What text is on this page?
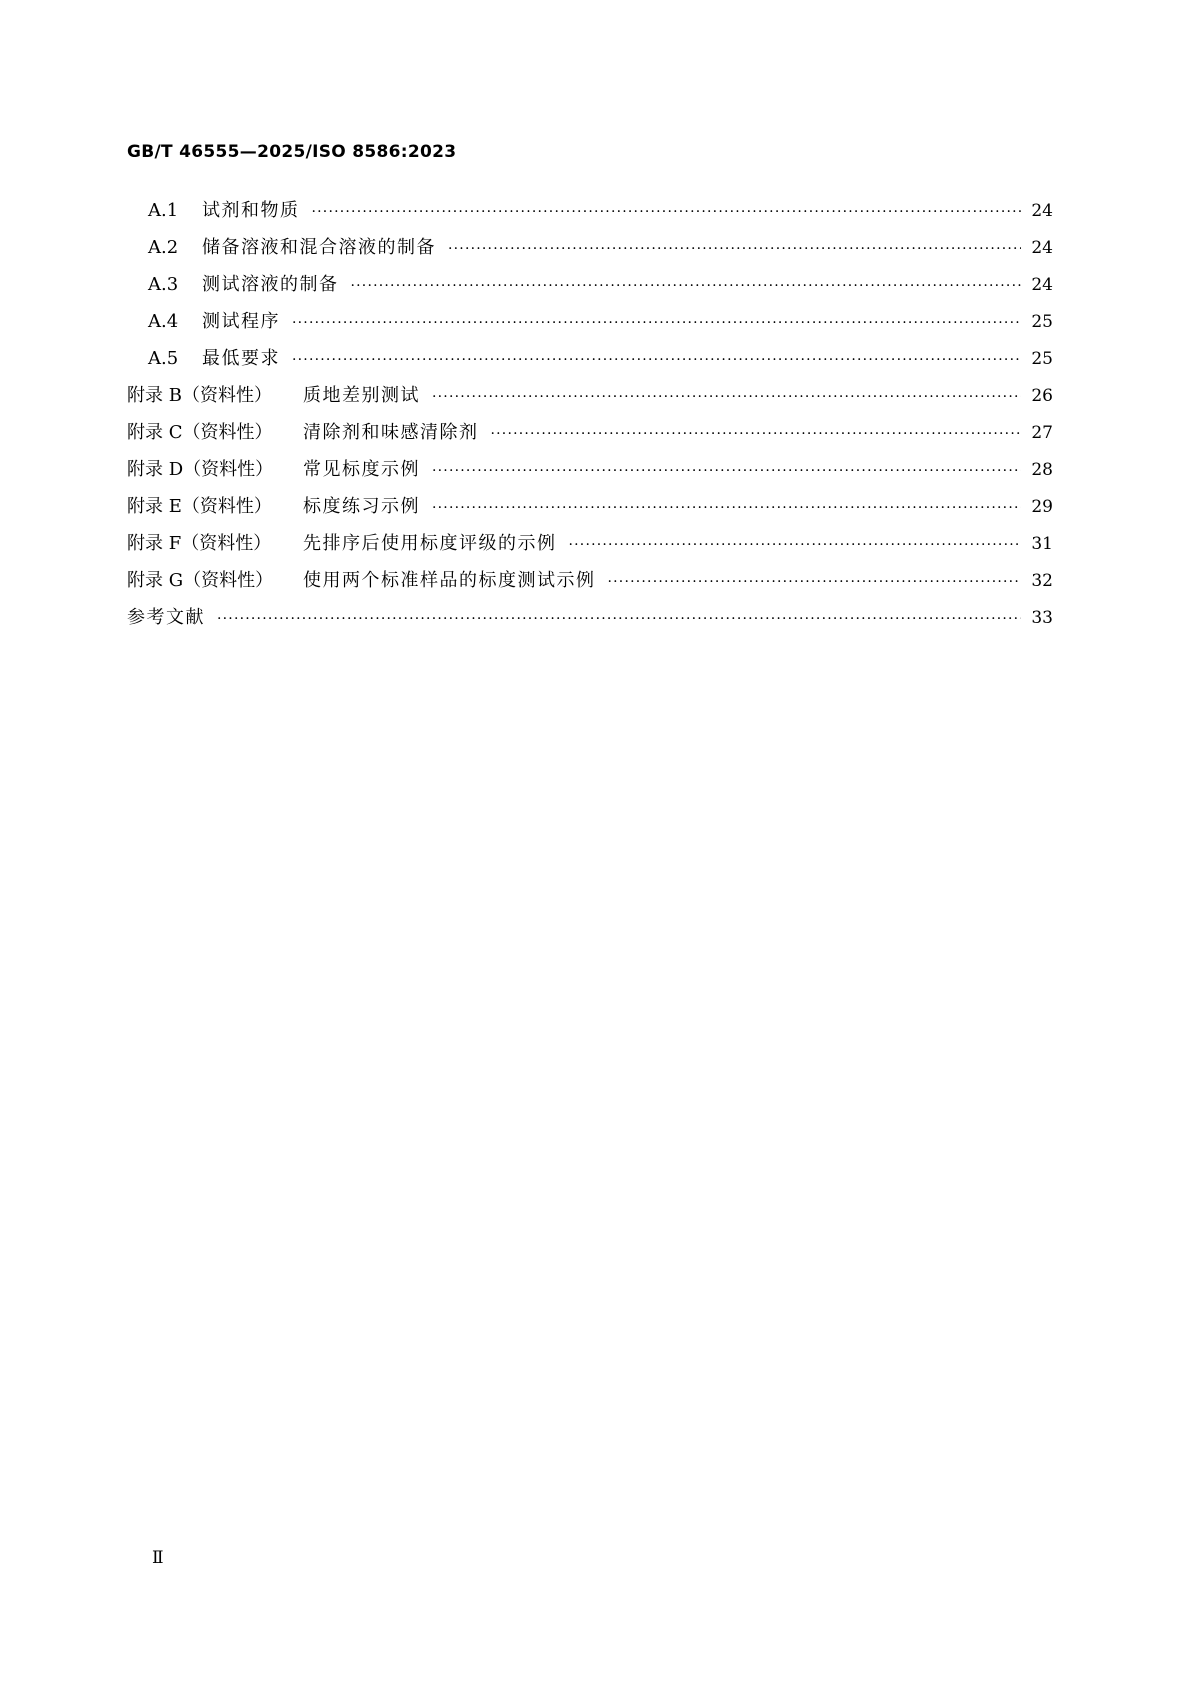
GB/T 46555—2025/ISO 8586:2023
A.1	试剂和物质 ·····	24
A.2	储备溶液和混合溶液的制备 ·····	24
A.3	测试溶液的制备 ·····	24
A.4	测试程序 ·····	25
A.5	最低要求 ·····	25
附录 B（资料性）	质地差别测试 ·····	26
附录 C（资料性）	清除剂和味感清除剂 ·····	27
附录 D（资料性）	常见标度示例 ·····	28
附录 E（资料性）	标度练习示例 ·····	29
附录 F（资料性）	先排序后使用标度评级的示例 ·····	31
附录 G（资料性）	使用两个标准样品的标度测试示例 ·····	32
参考文献 ·····	33
Ⅱ
